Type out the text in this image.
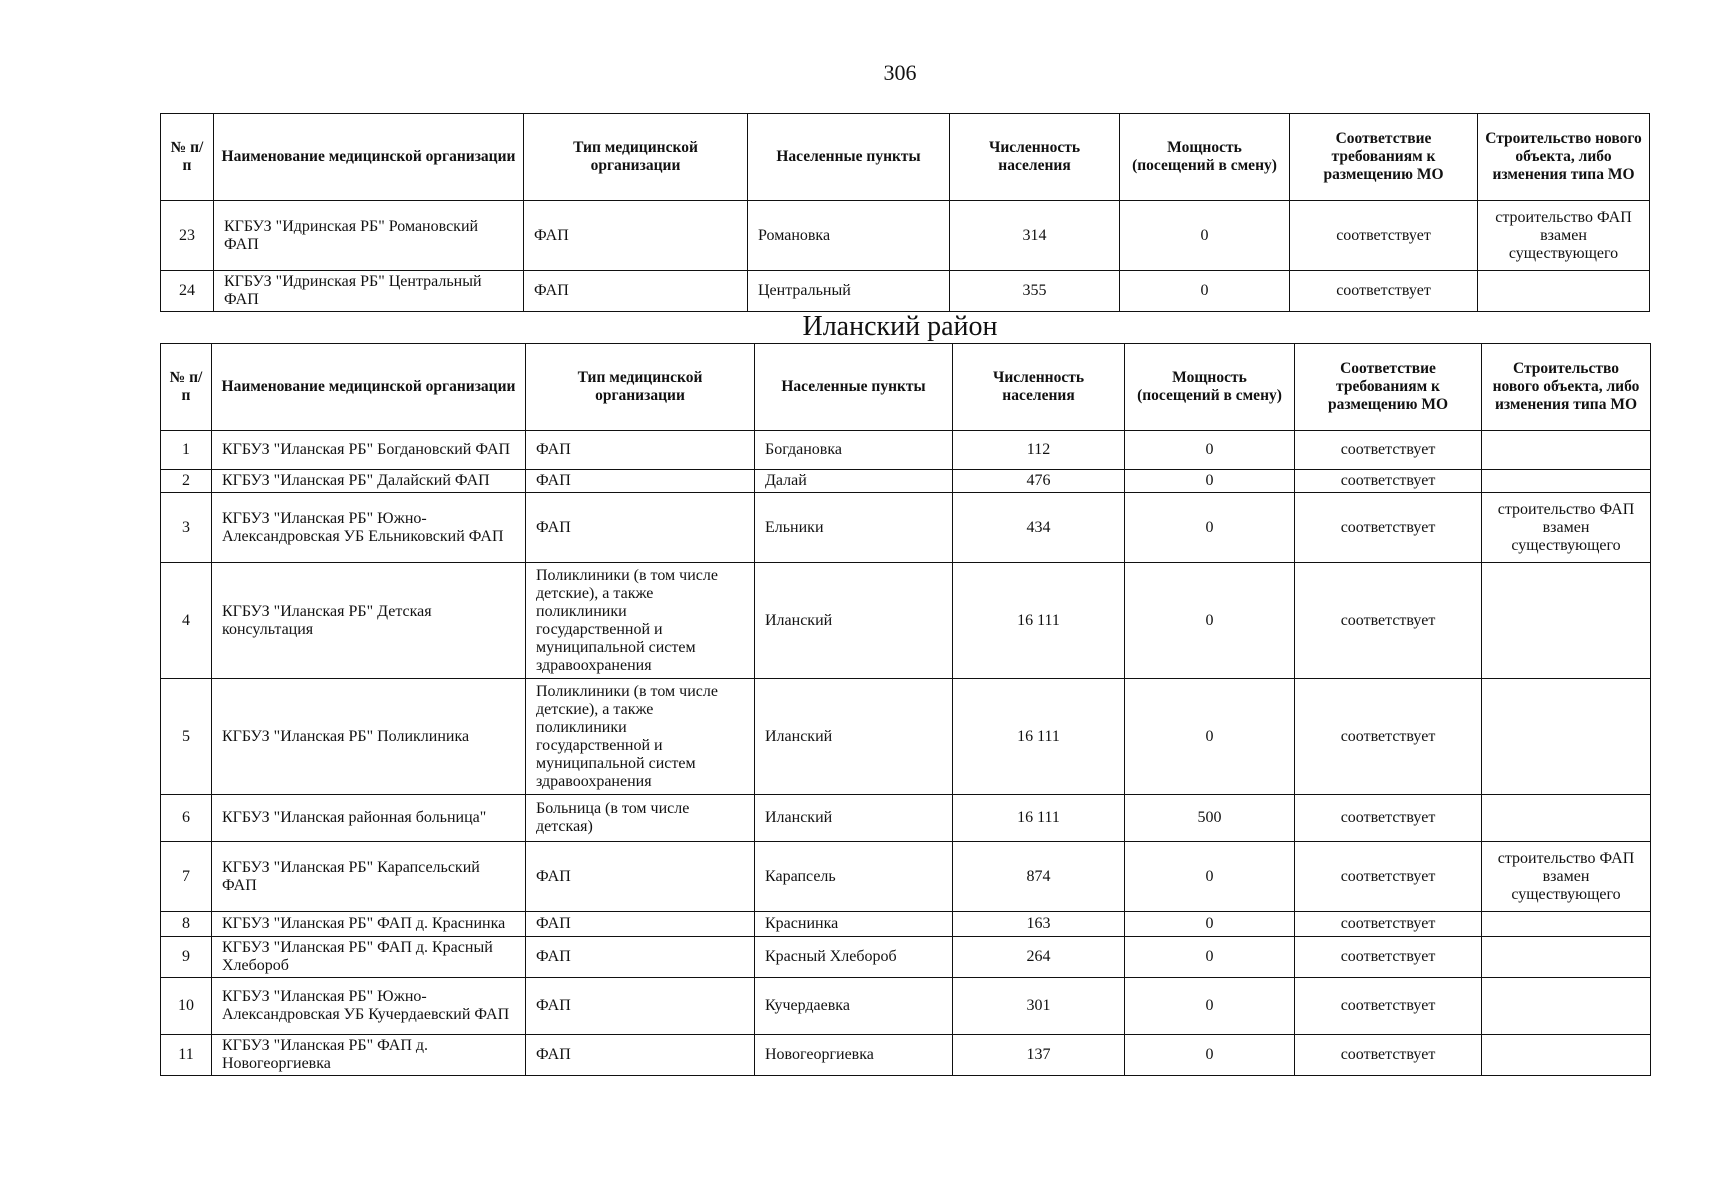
306
№ п/п	Наименование медицинской организации	Тип медицинской организации	Населенные пункты	Численность населения	Мощность (посещений в смену)	Соответствие требованиям к размещению МО	Строительство нового объекта, либо изменения типа МО
23	КГБУЗ "Идринская РБ" Романовский ФАП	ФАП	Романовка	314	0	соответствует	строительство ФАП взамен существующего
24	КГБУЗ "Идринская РБ" Центральный ФАП	ФАП	Центральный	355	0	соответствует	
Иланский район
№ п/п	Наименование медицинской организации	Тип медицинской организации	Населенные пункты	Численность населения	Мощность (посещений в смену)	Соответствие требованиям к размещению МО	Строительство нового объекта, либо изменения типа МО
1	КГБУЗ "Иланская РБ" Богдановский ФАП	ФАП	Богдановка	112	0	соответствует	
2	КГБУЗ "Иланская РБ" Далайский ФАП	ФАП	Далай	476	0	соответствует	
3	КГБУЗ "Иланская РБ" Южно-Александровская УБ Ельниковский ФАП	ФАП	Ельники	434	0	соответствует	строительство ФАП взамен существующего
4	КГБУЗ "Иланская РБ" Детская консультация	Поликлиники (в том числе детские), а также поликлиники государственной и муниципальной систем здравоохранения	Иланский	16 111	0	соответствует	
5	КГБУЗ "Иланская РБ" Поликлиника	Поликлиники (в том числе детские), а также поликлиники государственной и муниципальной систем здравоохранения	Иланский	16 111	0	соответствует	
6	КГБУЗ "Иланская районная больница"	Больница (в том числе детская)	Иланский	16 111	500	соответствует	
7	КГБУЗ "Иланская РБ" Карапсельский ФАП	ФАП	Карапсель	874	0	соответствует	строительство ФАП взамен существующего
8	КГБУЗ "Иланская РБ" ФАП д. Краснинка	ФАП	Краснинка	163	0	соответствует	
9	КГБУЗ "Иланская РБ" ФАП д. Красный Хлебороб	ФАП	Красный Хлебороб	264	0	соответствует	
10	КГБУЗ "Иланская РБ" Южно-Александровская УБ Кучердаевский ФАП	ФАП	Кучердаевка	301	0	соответствует	
11	КГБУЗ "Иланская РБ" ФАП д. Новогеоргиевка	ФАП	Новогеоргиевка	137	0	соответствует	
